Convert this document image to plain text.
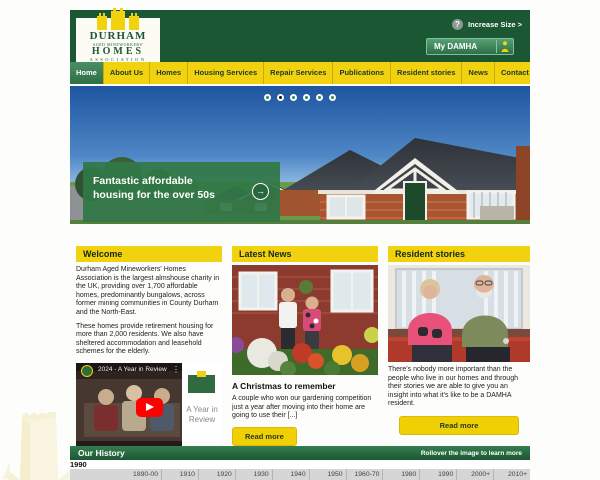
DURHAM
AGED MINEWORKERS'
HOMES
ASSOCIATION
?	Increase Size >
My DAMHA
Home	About Us	Homes	Housing Services	Repair Services	Publications	Resident stories	News	Contact
Fantastic affordable
housing for the over 50s	→
Welcome
Durham Aged Mineworkers' Homes Association is the largest almshouse charity in the UK, providing over 1,700 affordable homes, predominantly bungalows, across former mining communities in County Durham and the North-East.
These homes provide retirement housing for more than 2,000 residents. We also have sheltered accommodation and leasehold schemes for the elderly.
2024 - A Year in Review ⋮
A Year in
Review
Latest News
A Christmas to remember
A couple who won our gardening competition just a year after moving into their home are going to use their [...]
Read more
Resident stories
There's nobody more important than the people who live in our homes and through their stories we are able to give you an insight into what it's like to be a DAMHA resident.
Read more
Our History	Rollover the image to learn more
1990
1890-00	1910	1920	1930	1940	1950	1960-70	1980	1990	2000+	2010+
